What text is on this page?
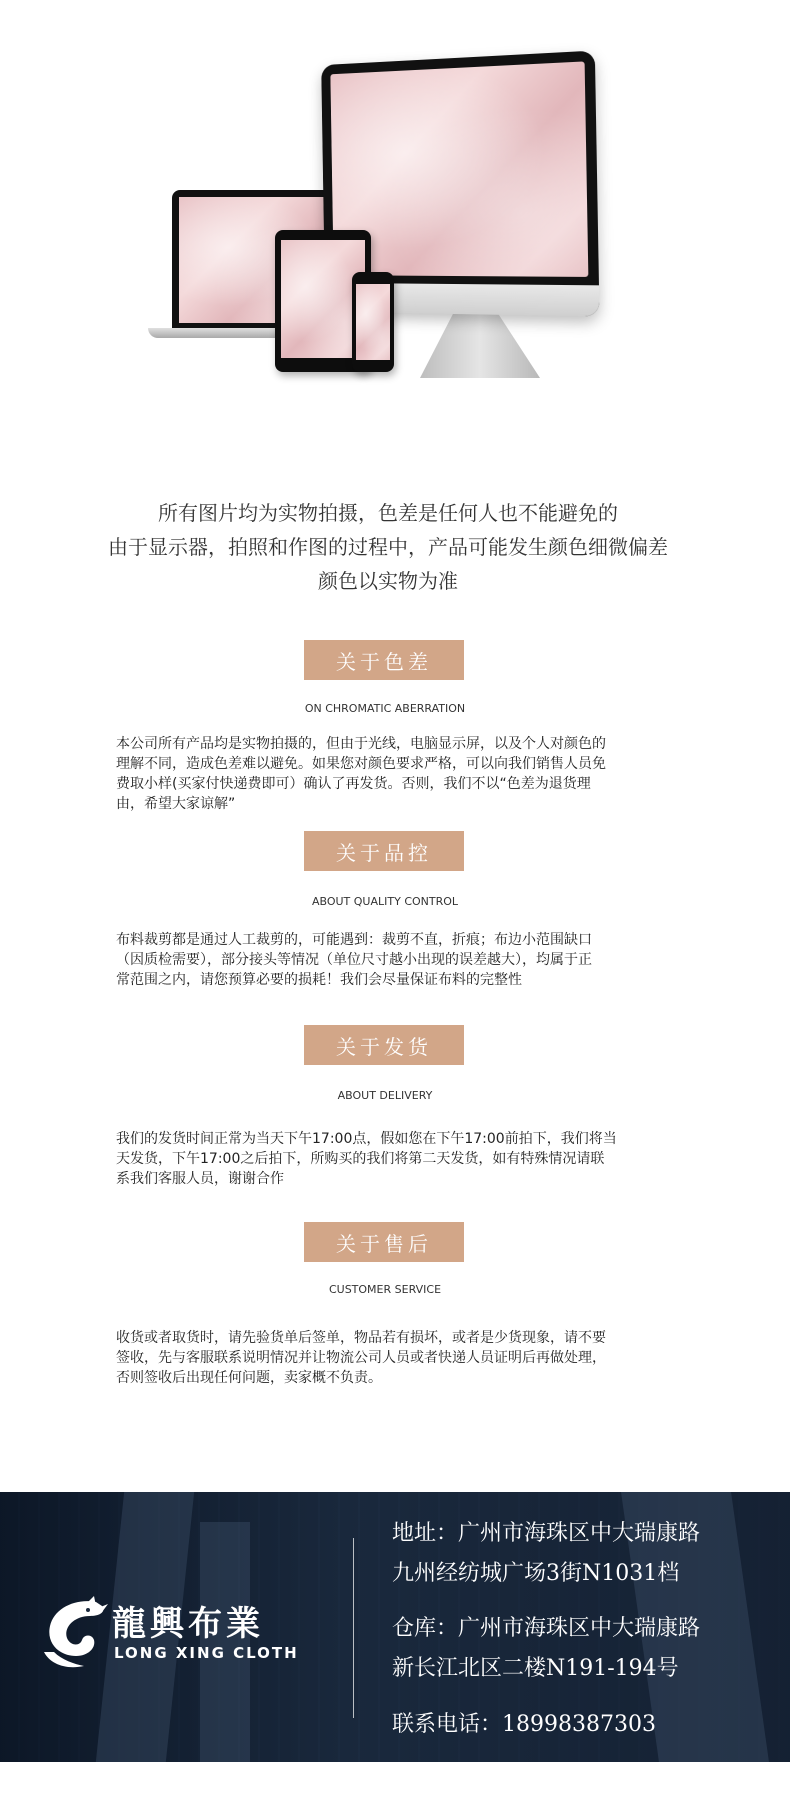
所有图片均为实物拍摄，色差是任何人也不能避免的
由于显示器，拍照和作图的过程中，产品可能发生颜色细微偏差
颜色以实物为准
关于色差
ON CHROMATIC ABERRATION
本公司所有产品均是实物拍摄的，但由于光线，电脑显示屏，以及个人对颜色的
理解不同，造成色差难以避免。如果您对颜色要求严格，可以向我们销售人员免
费取小样(买家付快递费即可）确认了再发货。否则，我们不以“色差为退货理
由，希望大家谅解”
关于品控
ABOUT QUALITY CONTROL
布料裁剪都是通过人工裁剪的，可能遇到：裁剪不直，折痕；布边小范围缺口
（因质检需要），部分接头等情况（单位尺寸越小出现的误差越大），均属于正
常范围之内，请您预算必要的损耗！我们会尽量保证布料的完整性
关于发货
ABOUT DELIVERY
我们的发货时间正常为当天下午17:00点，假如您在下午17:00前拍下，我们将当
天发货，下午17:00之后拍下，所购买的我们将第二天发货，如有特殊情况请联
系我们客服人员，谢谢合作
关于售后
CUSTOMER SERVICE
收货或者取货时，请先验货单后签单，物品若有损坏，或者是少货现象，请不要
签收，先与客服联系说明情况并让物流公司人员或者快递人员证明后再做处理，
否则签收后出现任何问题，卖家概不负责。
龍興布業
LONG XING CLOTH
地址：广州市海珠区中大瑞康路
九州经纺城广场3街N1031档
仓库：广州市海珠区中大瑞康路
新长江北区二楼N191-194号
联系电话：18998387303
